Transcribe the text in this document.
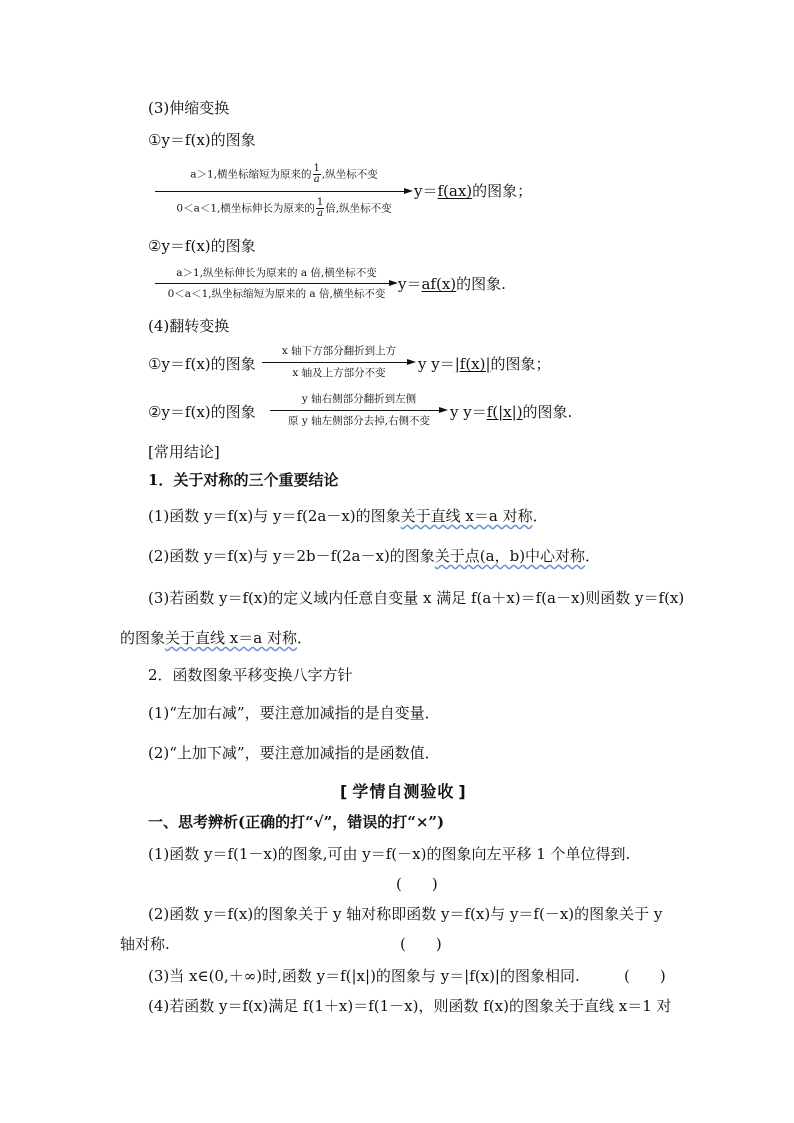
(3)伸缩变换
①y＝f(x)的图象
a＞1,横坐标缩短为原来的 $\frac{1}{a}$ ,纵坐标不变
0＜a＜1,横坐标伸长为原来的 $\frac{1}{a}$ 倍,纵坐标不变
y＝f(ax)的图象；
②y＝f(x)的图象
a＞1,纵坐标伸长为原来的 a 倍,横坐标不变
0＜a＜1,纵坐标缩短为原来的 a 倍,横坐标不变
y＝af(x)的图象.
(4)翻转变换
①y＝f(x)的图象
x 轴下方部分翻折到上方
x 轴及上方部分不变	y y＝|f(x)|的图象；
②y＝f(x)的图象
y 轴右侧部分翻折到左侧
原 y 轴左侧部分去掉,右侧不变	y y＝f(|x|)的图象.
[常用结论]
1．关于对称的三个重要结论
(1)函数 y＝f(x)与 y＝f(2a－x)的图象关于直线 x＝a 对称．
(2)函数 y＝f(x)与 y＝2b－f(2a－x)的图象关于点(a，b)中心对称．
(3)若函数 y＝f(x)的定义域内任意自变量 x 满足 f(a＋x)＝f(a－x)则函数 y＝f(x)
的图象关于直线 x＝a 对称．
2．函数图象平移变换八字方针
(1)“左加右减”，要注意加减指的是自变量．
(2)“上加下减”，要注意加减指的是函数值．
[ 学情自测验收 ]
一、思考辨析(正确的打“√”，错误的打“×”)
(1)函数 y＝f(1－x)的图象,可由 y＝f(－x)的图象向左平移 1 个单位得到.
(　　)
(2)函数 y＝f(x)的图象关于 y 轴对称即函数 y＝f(x)与 y＝f(－x)的图象关于 y
轴对称.	(　　)
(3)当 x∈(0,＋∞)时,函数 y＝f(|x|)的图象与 y＝|f(x)|的图象相同.	(　　)
(4)若函数 y＝f(x)满足 f(1＋x)＝f(1－x)，则函数 f(x)的图象关于直线 x＝1 对
